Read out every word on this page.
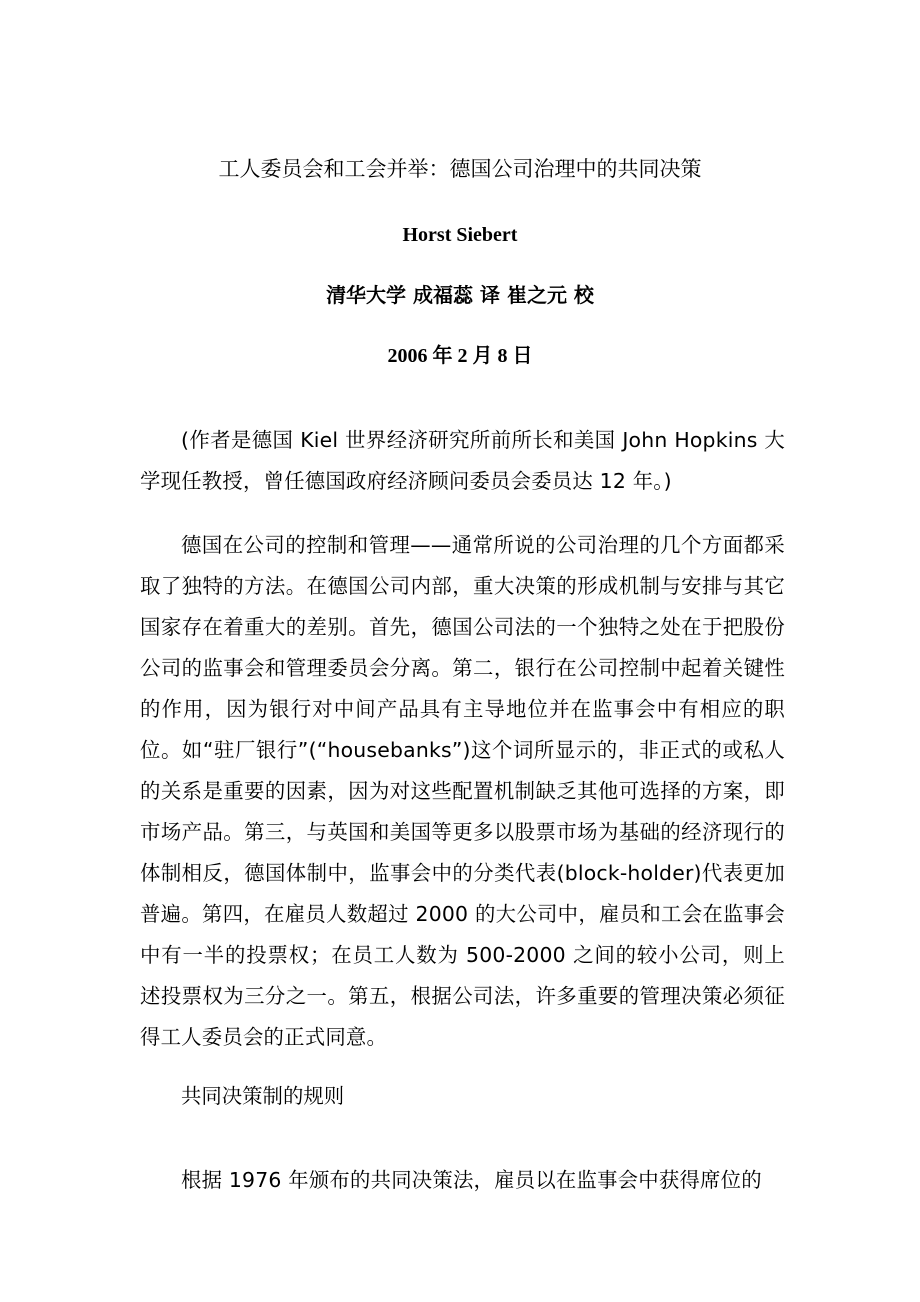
工人委员会和工会并举：德国公司治理中的共同决策
Horst Siebert
清华大学 成福蕊 译 崔之元 校
2006 年 2 月 8 日

(作者是德国 Kiel 世界经济研究所前所长和美国 John Hopkins 大学现任教授，曾任德国政府经济顾问委员会委员达 12 年。)

德国在公司的控制和管理——通常所说的公司治理的几个方面都采取了独特的方法。在德国公司内部，重大决策的形成机制与安排与其它国家存在着重大的差别。首先，德国公司法的一个独特之处在于把股份公司的监事会和管理委员会分离。第二，银行在公司控制中起着关键性的作用，因为银行对中间产品具有主导地位并在监事会中有相应的职位。如“驻厂银行”(“housebanks”)这个词所显示的，非正式的或私人的关系是重要的因素，因为对这些配置机制缺乏其他可选择的方案，即市场产品。第三，与英国和美国等更多以股票市场为基础的经济现行的体制相反，德国体制中，监事会中的分类代表(block-holder)代表更加普遍。第四，在雇员人数超过 2000 的大公司中，雇员和工会在监事会中有一半的投票权；在员工人数为 500-2000 之间的较小公司，则上述投票权为三分之一。第五，根据公司法，许多重要的管理决策必须征得工人委员会的正式同意。

共同决策制的规则

根据 1976 年颁布的共同决策法，雇员以在监事会中获得席位的
